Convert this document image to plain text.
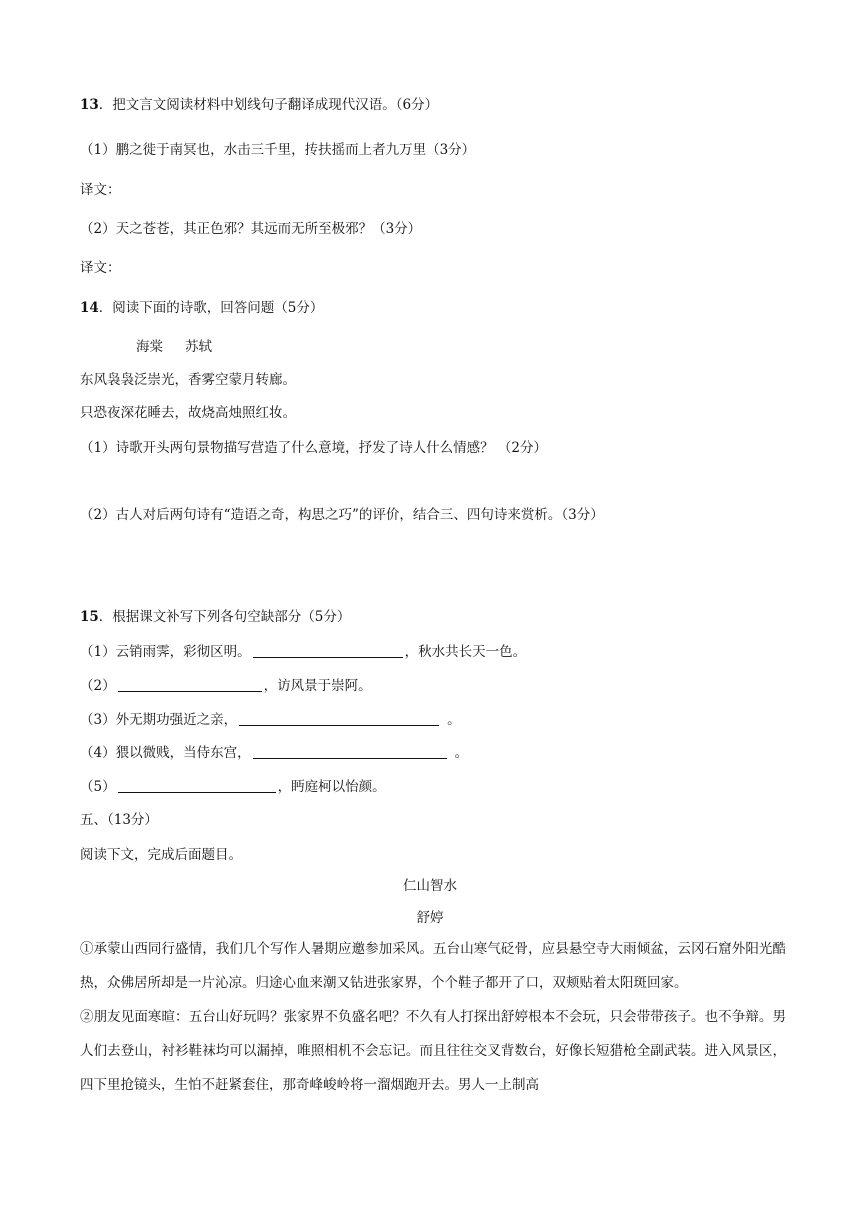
13．把文言文阅读材料中划线句子翻译成现代汉语。（6分）
（1）鹏之徙于南冥也，水击三千里，抟扶摇而上者九万里（3分）
译文：
（2）天之苍苍，其正色邪？其远而无所至极邪？（3分）
译文：
14．阅读下面的诗歌，回答问题（5分）
海棠 苏轼
东风袅袅泛崇光，香雾空蒙月转廊。
只恐夜深花睡去，故烧高烛照红妆。
（1）诗歌开头两句景物描写营造了什么意境，抒发了诗人什么情感？ （2分）
（2）古人对后两句诗有“造语之奇，构思之巧”的评价，结合三、四句诗来赏析。（3分）
15．根据课文补写下列各句空缺部分（5分）
（1）云销雨霁，彩彻区明。	，秋水共长天一色。
（2）	，访风景于崇阿。
（3）外无期功强近之亲，	。
（4）猥以微贱，当侍东宫，	。
（5）	，眄庭柯以怡颜。
五、（13分）
阅读下文，完成后面题目。
仁山智水
舒婷

①承蒙山西同行盛情，我们几个写作人暑期应邀参加采风。五台山寒气砭骨，应县悬空寺大雨倾盆，云冈石窟外阳光酷热，众佛居所却是一片沁凉。归途心血来潮又钻进张家界，个个鞋子都开了口，双颊贴着太阳斑回家。

②朋友见面寒暄：五台山好玩吗？张家界不负盛名吧？不久有人打探出舒婷根本不会玩，只会带带孩子。也不争辩。男人们去登山，衬衫鞋袜均可以漏掉，唯照相机不会忘记。而且往往交叉背数台，好像长短猎枪全副武装。进入风景区，四下里抢镜头，生怕不赶紧套住，那奇峰峻岭将一溜烟跑开去。男人一上制高
